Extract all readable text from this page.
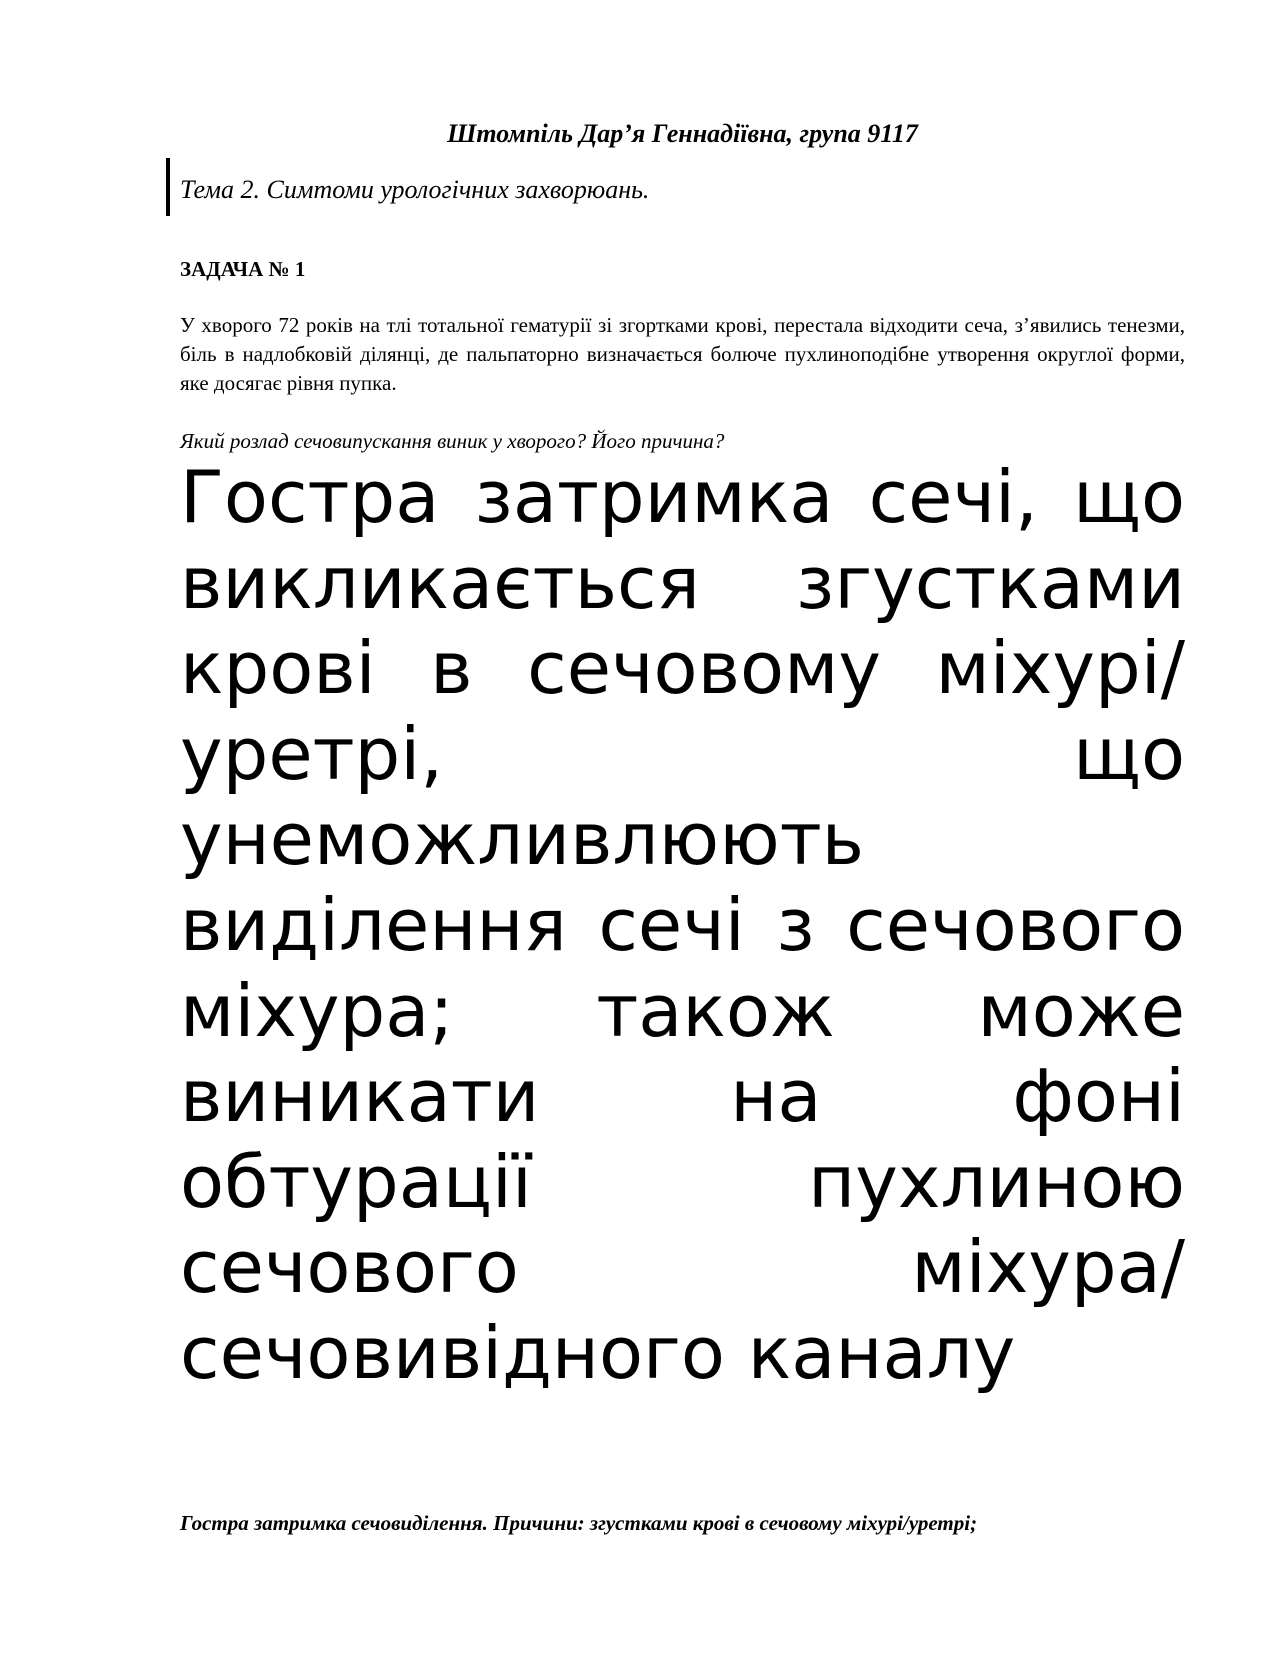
Штомпіль Дар’я Геннадіївна, група 9117
Тема 2. Симтоми урологічних захворюань.
ЗАДАЧА № 1
У хворого 72 років на тлі тотальної гематурії зі згортками крові, перестала відходити сеча, з’явились тенезми, біль в надлобковій ділянці, де пальпаторно визначається болюче пухлиноподібне утворення округлої форми, яке досягає рівня пупка.
Який розлад сечовипускання виник у хворого? Його причина?
Гостра затримка сечі, що викликається згустками крові в сечовому міхурі/уретрі, що унеможливлюють виділення сечі з сечового міхура; також може виникати на фоні обтурації пухлиною сечового міхура/сечовивідного каналу
Гостра затримка сечовиділення. Причини: згустками крові в сечовому міхурі/уретрі;
